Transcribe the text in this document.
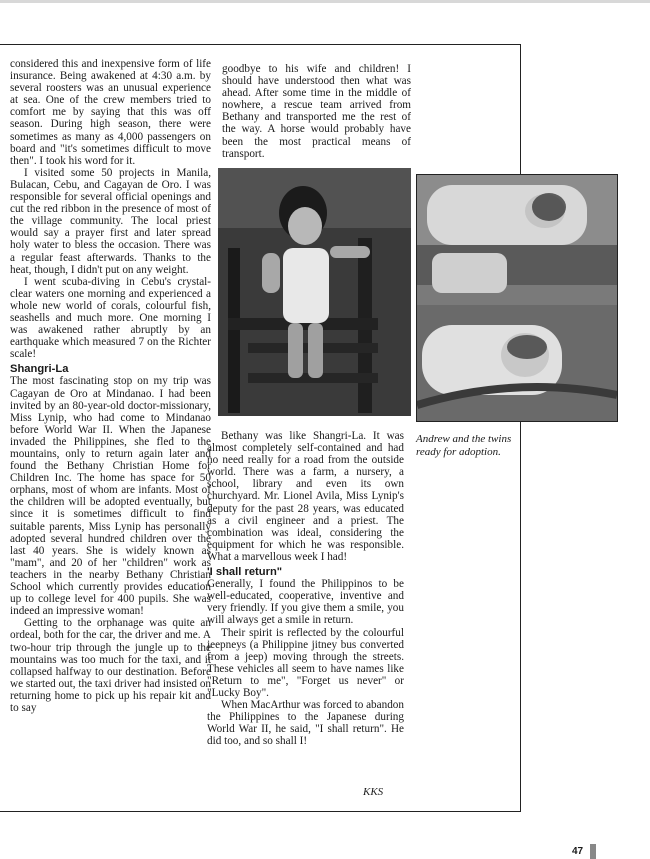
considered this and inexpensive form of life insurance. Being awakened at 4:30 a.m. by several roosters was an unusual experience at sea. One of the crew members tried to comfort me by saying that this was off season. During high season, there were sometimes as many as 4,000 passengers on board and "it's sometimes difficult to move then". I took his word for it.

I visited some 50 projects in Manila, Bulacan, Cebu, and Cagayan de Oro. I was responsible for several official openings and cut the red ribbon in the presence of most of the village community. The local priest would say a prayer first and later spread holy water to bless the occasion. There was a regular feast afterwards. Thanks to the heat, though, I didn't put on any weight.

I went scuba-diving in Cebu's crystal-clear waters one morning and experienced a whole new world of corals, colourful fish, seashells and much more. One morning I was awakened rather abruptly by an earthquake which measured 7 on the Richter scale!

Shangri-La

The most fascinating stop on my trip was Cagayan de Oro at Mindanao. I had been invited by an 80-year-old doctor-missionary, Miss Lynip, who had come to Mindanao before World War II. When the Japanese invaded the Philippines, she fled to the mountains, only to return again later and found the Bethany Christian Home for Children Inc. The home has space for 50 orphans, most of whom are infants. Most of the children will be adopted eventually, but since it is sometimes difficult to find suitable parents, Miss Lynip has personally adopted several hundred children over the last 40 years. She is widely known as "mam", and 20 of her "children" work as teachers in the nearby Bethany Christian School which currently provides education up to college level for 400 pupils. She was indeed an impressive woman!

Getting to the orphanage was quite an ordeal, both for the car, the driver and me. A two-hour trip through the jungle up to the mountains was too much for the taxi, and it collapsed halfway to our destination. Before we started out, the taxi driver had insisted on returning home to pick up his repair kit and to say

goodbye to his wife and children! I should have understood then what was ahead. After some time in the middle of nowhere, a rescue team arrived from Bethany and transported me the rest of the way. A horse would probably have been the most practical means of transport.

Andrew and the twins ready for adoption.

Bethany was like Shangri-La. It was almost completely self-contained and had no need really for a road from the outside world. There was a farm, a nursery, a school, library and even its own churchyard. Mr. Lionel Avila, Miss Lynip's deputy for the past 28 years, was educated as a civil engineer and a priest. The combination was ideal, considering the equipment for which he was responsible. What a marvellous week I had!

'I shall return"

Generally, I found the Philippinos to be well-educated, cooperative, inventive and very friendly. If you give them a smile, you will always get a smile in return.

Their spirit is reflected by the colourful jeepneys (a Philippine jitney bus converted from a jeep) moving through the streets. These vehicles all seem to have names like "Return to me", "Forget us never" or "Lucky Boy".

When MacArthur was forced to abandon the Philippines to the Japanese during World War II, he said, "I shall return". He did too, and so shall I!

KKS
47
